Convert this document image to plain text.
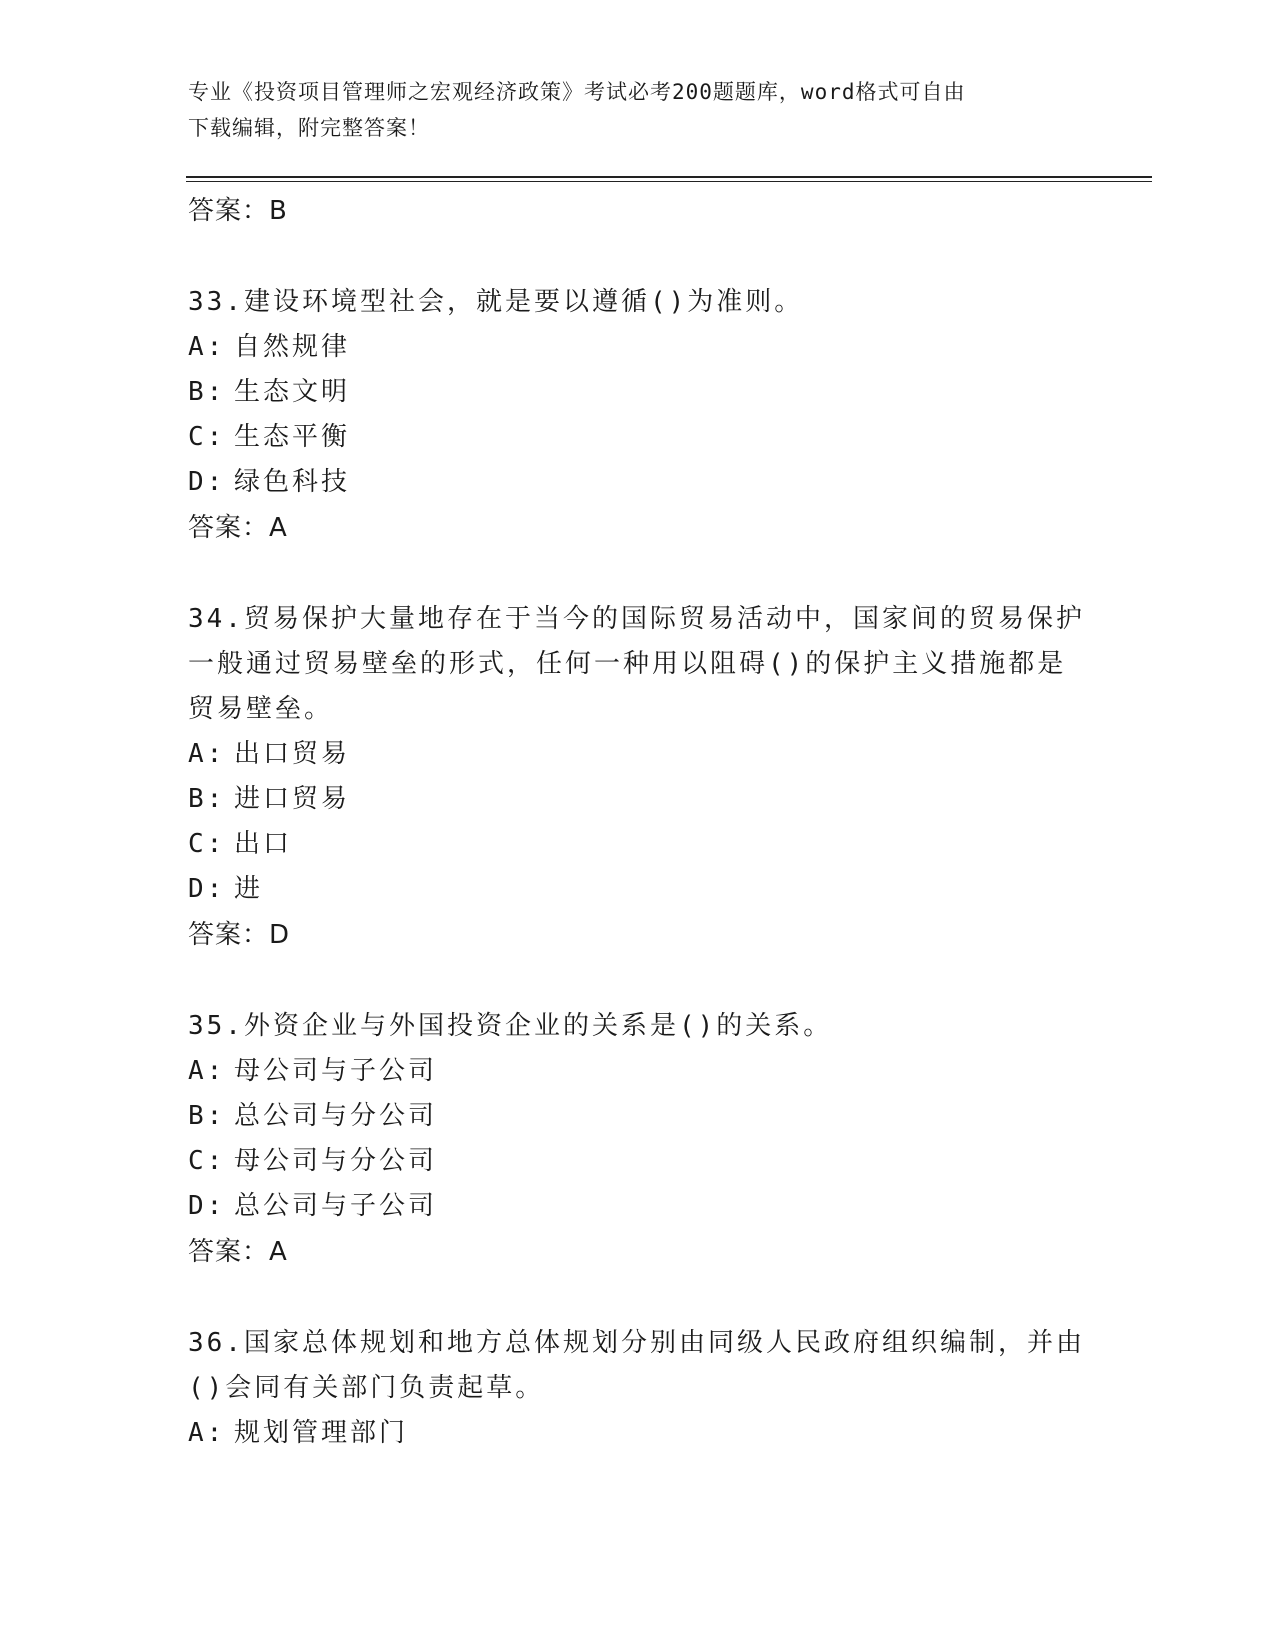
专业《投资项目管理师之宏观经济政策》考试必考200题题库，word格式可自由
下载编辑，附完整答案！
答案：B
33.建设环境型社会，就是要以遵循()为准则。
A: 自然规律
B: 生态文明
C: 生态平衡
D: 绿色科技
答案：A
34.贸易保护大量地存在于当今的国际贸易活动中，国家间的贸易保护一般通过贸易壁垒的形式，任何一种用以阻碍()的保护主义措施都是贸易壁垒。
A: 出口贸易
B: 进口贸易
C: 出口
D: 进
答案：D
35.外资企业与外国投资企业的关系是()的关系。
A: 母公司与子公司
B: 总公司与分公司
C: 母公司与分公司
D: 总公司与子公司
答案：A
36.国家总体规划和地方总体规划分别由同级人民政府组织编制，并由()会同有关部门负责起草。
A: 规划管理部门
